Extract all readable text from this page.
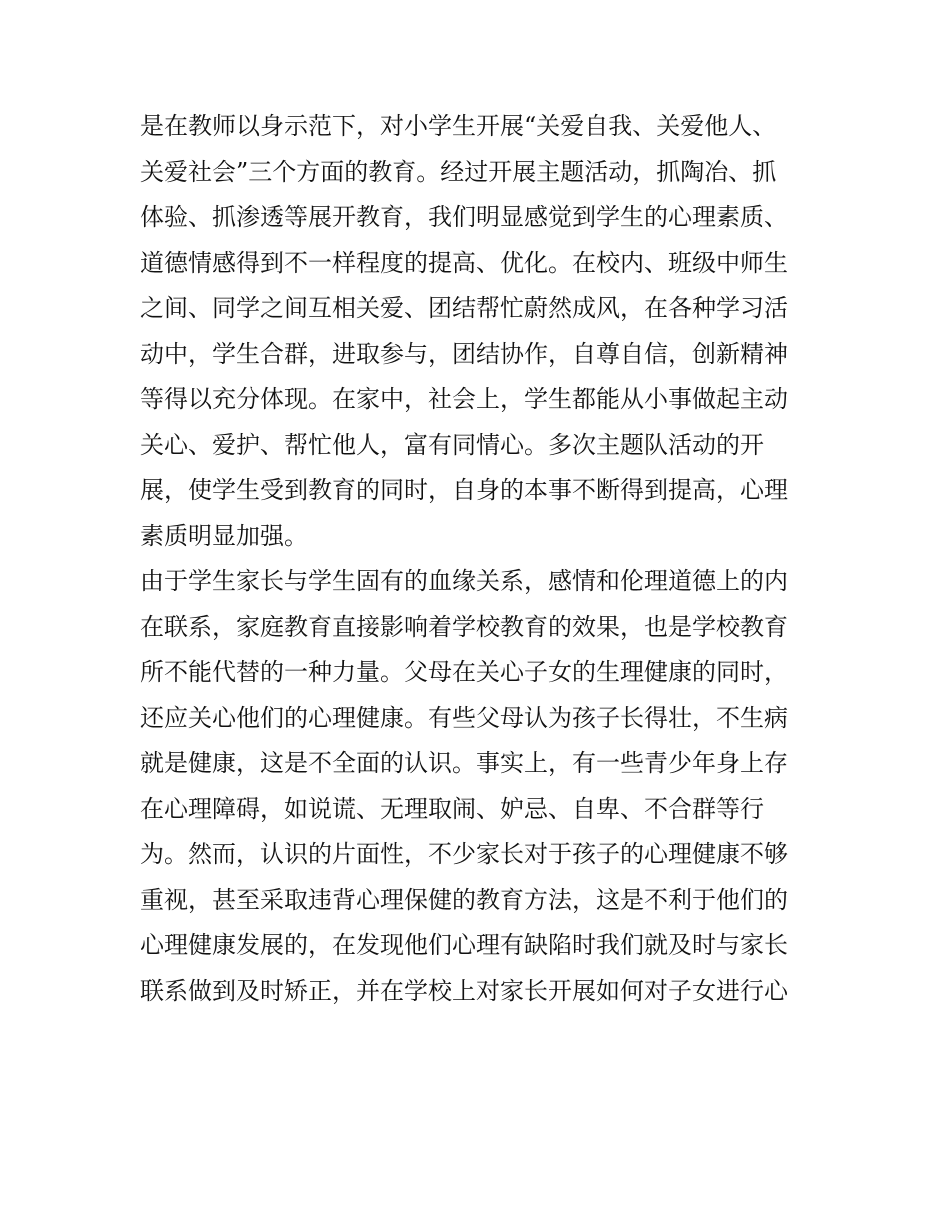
是在教师以身示范下，对小学生开展“关爱自我、关爱他人、
关爱社会”三个方面的教育。经过开展主题活动，抓陶冶、抓
体验、抓渗透等展开教育，我们明显感觉到学生的心理素质、
道德情感得到不一样程度的提高、优化。在校内、班级中师生
之间、同学之间互相关爱、团结帮忙蔚然成风，在各种学习活
动中，学生合群，进取参与，团结协作，自尊自信，创新精神
等得以充分体现。在家中，社会上，学生都能从小事做起主动
关心、爱护、帮忙他人，富有同情心。多次主题队活动的开
展，使学生受到教育的同时，自身的本事不断得到提高，心理
素质明显加强。
由于学生家长与学生固有的血缘关系，感情和伦理道德上的内
在联系，家庭教育直接影响着学校教育的效果，也是学校教育
所不能代替的一种力量。父母在关心子女的生理健康的同时，
还应关心他们的心理健康。有些父母认为孩子长得壮，不生病
就是健康，这是不全面的认识。事实上，有一些青少年身上存
在心理障碍，如说谎、无理取闹、妒忌、自卑、不合群等行
为。然而，认识的片面性，不少家长对于孩子的心理健康不够
重视，甚至采取违背心理保健的教育方法，这是不利于他们的
心理健康发展的，在发现他们心理有缺陷时我们就及时与家长
联系做到及时矫正，并在学校上对家长开展如何对子女进行心
